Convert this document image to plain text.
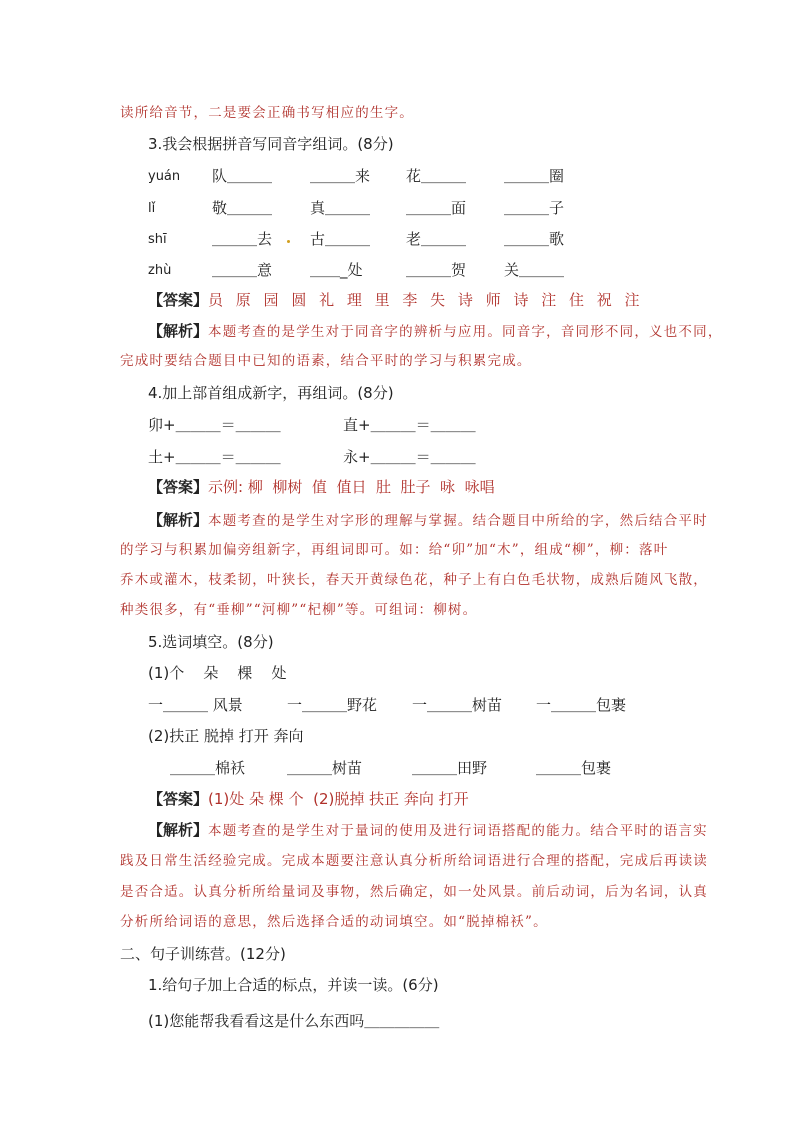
读所给音节，二是要会正确书写相应的生字。
3.我会根据拼音写同音字组词。(8分)
yuán 队＿＿＿	＿＿＿来 花＿＿＿	＿＿＿圈
lǐ	敬＿＿＿	真＿＿＿ ＿＿＿面	＿＿＿子
shī	＿＿＿去	古＿＿＿ 老＿＿＿	＿＿＿歌
zhù	＿＿＿意	＿＿_处	＿＿＿贺	关＿＿＿
【答案】员 原 园 圆 礼 理 里 李 失 诗 师 诗 注 住 祝 注
【解析】本题考查的是学生对于同音字的辨析与应用。同音字，音同形不同，义也不同，
完成时要结合题目中已知的语素，结合平时的学习与积累完成。
4.加上部首组成新字，再组词。(8分)
卯+＿＿＿＝＿＿＿	直+＿＿＿＝＿＿＿
土+＿＿＿＝＿＿＿	永+＿＿＿＝＿＿＿
【答案】示例: 柳  柳树  值  值日  肚  肚子  咏  咏唱
【解析】本题考查的是学生对字形的理解与掌握。结合题目中所给的字，然后结合平时
的学习与积累加偏旁组新字，再组词即可。如：给“卯”加“木”，组成“柳”，柳：落叶
乔木或灌木，枝柔韧，叶狭长，春天开黄绿色花，种子上有白色毛状物，成熟后随风飞散，
种类很多，有“垂柳”“河柳”“杞柳”等。可组词：柳树。
5.选词填空。(8分)
(1)个    朵    棵    处
一＿＿＿ 风景	一＿＿＿野花 一＿＿＿树苗 一＿＿＿包裹
(2)扶正 脱掉 打开 奔向
＿＿＿棉袄	＿＿＿树苗	＿＿＿田野	＿＿＿包裹
【答案】(1)处 朵 棵 个  (2)脱掉 扶正 奔向 打开
【解析】本题考查的是学生对于量词的使用及进行词语搭配的能力。结合平时的语言实
践及日常生活经验完成。完成本题要注意认真分析所给词语进行合理的搭配，完成后再读读
是否合适。认真分析所给量词及事物，然后确定，如一处风景。前后动词，后为名词，认真
分析所给词语的意思，然后选择合适的动词填空。如“脱掉棉袄”。
二、句子训练营。(12分)
1.给句子加上合适的标点，并读一读。(6分)
(1)您能帮我看看这是什么东西吗＿＿＿＿＿
